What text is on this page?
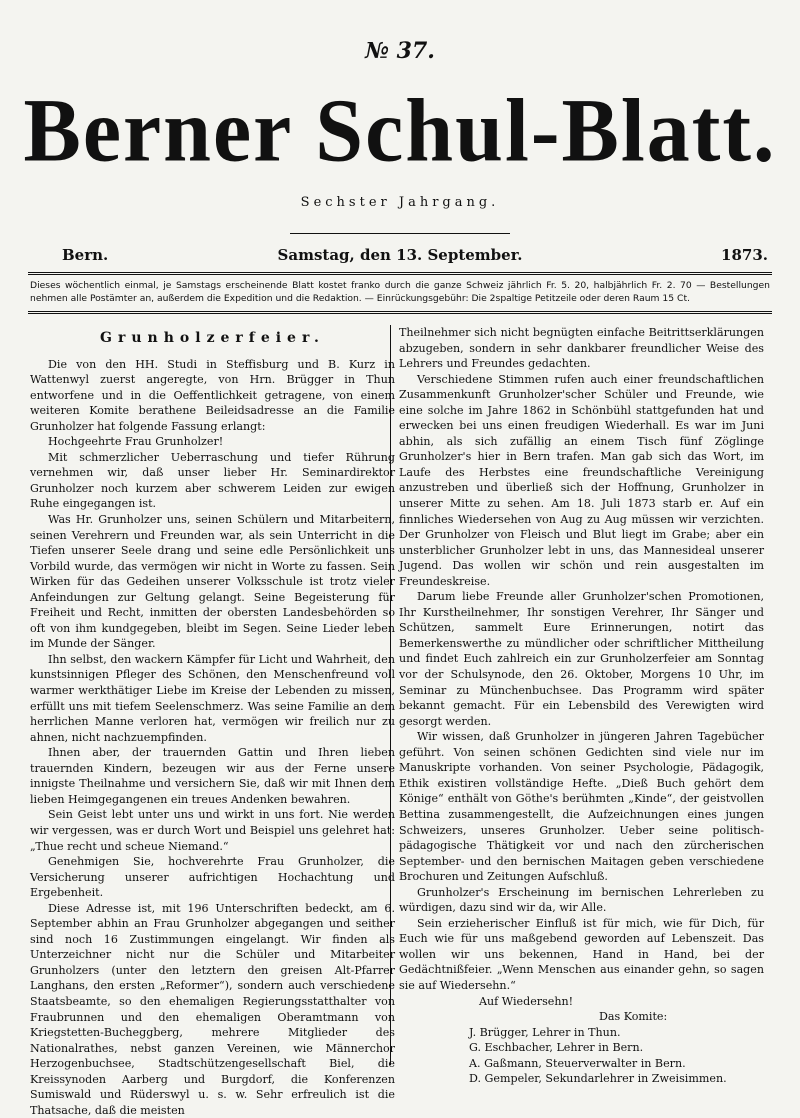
№ 37.
Berner Schul-Blatt.
Sechster Jahrgang.
Bern.	Samstag, den 13. September.	1873.
Dieses wöchentlich einmal, je Samstags erscheinende Blatt kostet franko durch die ganze Schweiz jährlich Fr. 5. 20, halbjährlich Fr. 2. 70 — Bestellungen nehmen alle Postämter an, außerdem die Expedition und die Redaktion. — Einrückungsgebühr: Die 2spaltige Petitzeile oder deren Raum 15 Ct.
Grunholzerfeier.

Die von den HH. Studi in Steffisburg und B. Kurz in Wattenwyl zuerst angeregte, von Hrn. Brügger in Thun entworfene und in die Oeffentlichkeit getragene, von einem weiteren Komite berathene Beileidsadresse an die Familie Grunholzer hat folgende Fassung erlangt:

Hochgeehrte Frau Grunholzer!

Mit schmerzlicher Ueberraschung und tiefer Rührung vernehmen wir, daß unser lieber Hr. Seminardirektor Grunholzer noch kurzem aber schwerem Leiden zur ewigen Ruhe eingegangen ist.

Was Hr. Grunholzer uns, seinen Schülern und Mitarbeitern, seinen Verehrern und Freunden war, als sein Unterricht in die Tiefen unserer Seele drang und seine edle Persönlichkeit uns Vorbild wurde, das vermögen wir nicht in Worte zu fassen. Sein Wirken für das Gedeihen unserer Volksschule ist trotz vieler Anfeindungen zur Geltung gelangt. Seine Begeisterung für Freiheit und Recht, inmitten der obersten Landesbehörden so oft von ihm kundgegeben, bleibt im Segen. Seine Lieder leben im Munde der Sänger.

Ihn selbst, den wackern Kämpfer für Licht und Wahrheit, den kunstsinnigen Pfleger des Schönen, den Menschenfreund voll warmer werkthätiger Liebe im Kreise der Lebenden zu missen, erfüllt uns mit tiefem Seelenschmerz. Was seine Familie an dem herrlichen Manne verloren hat, vermögen wir freilich nur zu ahnen, nicht nachzuempfinden.

Ihnen aber, der trauernden Gattin und Ihren lieben trauernden Kindern, bezeugen wir aus der Ferne unsere innigste Theilnahme und versichern Sie, daß wir mit Ihnen dem lieben Heimgegangenen ein treues Andenken bewahren.

Sein Geist lebt unter uns und wirkt in uns fort. Nie werden wir vergessen, was er durch Wort und Beispiel uns gelehret hat: „Thue recht und scheue Niemand.“

Genehmigen Sie, hochverehrte Frau Grunholzer, die Versicherung unserer aufrichtigen Hochachtung und Ergebenheit.

Diese Adresse ist, mit 196 Unterschriften bedeckt, am 6. September abhin an Frau Grunholzer abgegangen und seither sind noch 16 Zustimmungen eingelangt. Wir finden als Unterzeichner nicht nur die Schüler und Mitarbeiter Grunholzers (unter den letztern den greisen Alt-Pfarrer Langhans, den ersten „Reformer“), sondern auch verschiedene Staatsbeamte, so den ehemaligen Regierungsstatthalter von Fraubrunnen und den ehemaligen Oberamtmann von Kriegstetten-Bucheggberg, mehrere Mitglieder des Nationalrathes, nebst ganzen Vereinen, wie Männerchor Herzogenbuchsee, Stadtschützengesellschaft Biel, die Kreissynoden Aarberg und Burgdorf, die Konferenzen Sumiswald und Rüderswyl u. s. w. Sehr erfreulich ist die Thatsache, daß die meisten

Theilnehmer sich nicht begnügten einfache Beitrittserklärungen abzugeben, sondern in sehr dankbarer freundlicher Weise des Lehrers und Freundes gedachten.

Verschiedene Stimmen rufen auch einer freundschaftlichen Zusammenkunft Grunholzer'scher Schüler und Freunde, wie eine solche im Jahre 1862 in Schönbühl stattgefunden hat und erwecken bei uns einen freudigen Wiederhall. Es war im Juni abhin, als sich zufällig an einem Tisch fünf Zöglinge Grunholzer's hier in Bern trafen. Man gab sich das Wort, im Laufe des Herbstes eine freundschaftliche Vereinigung anzustreben und überließ sich der Hoffnung, Grunholzer in unserer Mitte zu sehen. Am 18. Juli 1873 starb er. Auf ein finnliches Wiedersehen von Aug zu Aug müssen wir verzichten. Der Grunholzer von Fleisch und Blut liegt im Grabe; aber ein unsterblicher Grunholzer lebt in uns, das Mannesideal unserer Jugend. Das wollen wir schön und rein ausgestalten im Freundeskreise.

Darum liebe Freunde aller Grunholzer'schen Promotionen, Ihr Kurstheilnehmer, Ihr sonstigen Verehrer, Ihr Sänger und Schützen, sammelt Eure Erinnerungen, notirt das Bemerkenswerthe zu mündlicher oder schriftlicher Mittheilung und findet Euch zahlreich ein zur Grunholzerfeier am Sonntag vor der Schulsynode, den 26. Oktober, Morgens 10 Uhr, im Seminar zu Münchenbuchsee. Das Programm wird später bekannt gemacht. Für ein Lebensbild des Verewigten wird gesorgt werden.

Wir wissen, daß Grunholzer in jüngeren Jahren Tagebücher geführt. Von seinen schönen Gedichten sind viele nur im Manuskripte vorhanden. Von seiner Psychologie, Pädagogik, Ethik existiren vollständige Hefte. „Dieß Buch gehört dem Könige“ enthält von Göthe's berühmten „Kinde“, der geistvollen Bettina zusammengestellt, die Aufzeichnungen eines jungen Schweizers, unseres Grunholzer. Ueber seine politisch-pädagogische Thätigkeit vor und nach den zürcherischen September- und den bernischen Maitagen geben verschiedene Brochuren und Zeitungen Aufschluß.

Grunholzer's Erscheinung im bernischen Lehrerleben zu würdigen, dazu sind wir da, wir Alle.

Sein erzieherischer Einfluß ist für mich, wie für Dich, für Euch wie für uns maßgebend geworden auf Lebenszeit. Das wollen wir uns bekennen, Hand in Hand, bei der Gedächtnißfeier. „Wenn Menschen aus einander gehn, so sagen sie auf Wiedersehn.“

Auf Wiedersehn!

Das Komite:

J. Brügger, Lehrer in Thun.

G. Eschbacher, Lehrer in Bern.

A. Gaßmann, Steuerverwalter in Bern.

D. Gempeler, Sekundarlehrer in Zweisimmen.
